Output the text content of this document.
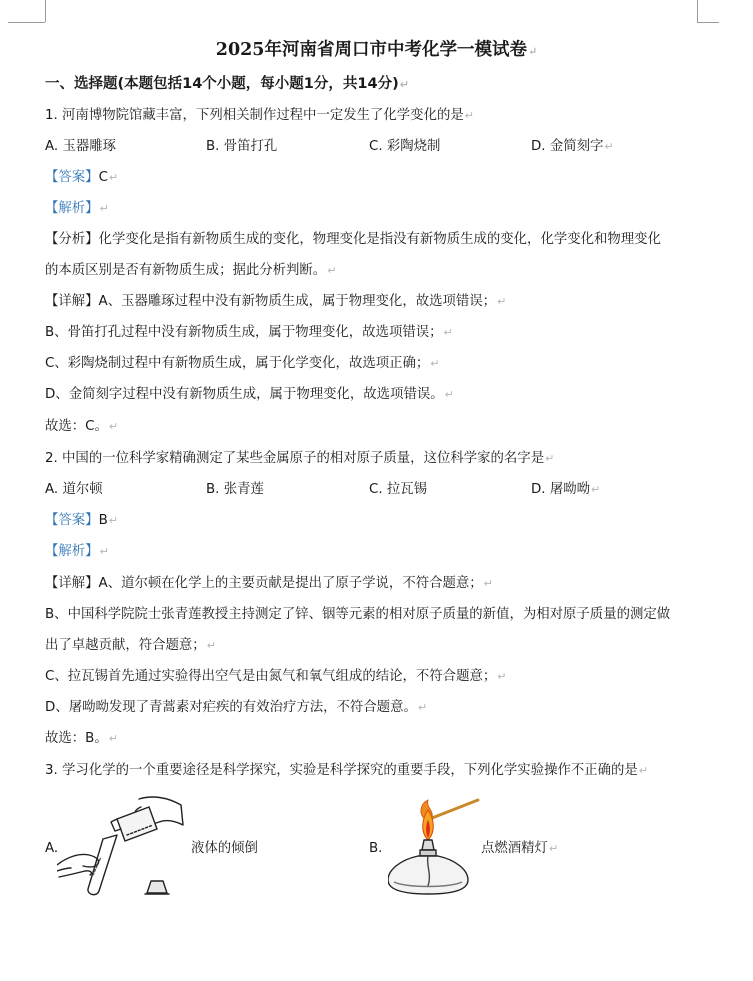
2025年河南省周口市中考化学一模试卷↵
一、选择题(本题包括14个小题，每小题1分，共14分)↵
1. 河南博物院馆藏丰富，下列相关制作过程中一定发生了化学变化的是↵
A. 玉器雕琢	B. 骨笛打孔	C. 彩陶烧制	D. 金简刻字↵
【答案】C↵
【解析】↵
【分析】化学变化是指有新物质生成的变化，物理变化是指没有新物质生成的变化，化学变化和物理变化
的本质区别是否有新物质生成；据此分析判断。↵
【详解】A、玉器雕琢过程中没有新物质生成，属于物理变化，故选项错误；↵
B、骨笛打孔过程中没有新物质生成，属于物理变化，故选项错误；↵
C、彩陶烧制过程中有新物质生成，属于化学变化，故选项正确；↵
D、金简刻字过程中没有新物质生成，属于物理变化，故选项错误。↵
故选：C。↵
2. 中国的一位科学家精确测定了某些金属原子的相对原子质量，这位科学家的名字是↵
A. 道尔顿	B. 张青莲	C. 拉瓦锡	D. 屠呦呦↵
【答案】B↵
【解析】↵
【详解】A、道尔顿在化学上的主要贡献是提出了原子学说，不符合题意；↵
B、中国科学院院士张青莲教授主持测定了锌、铟等元素的相对原子质量的新值，为相对原子质量的测定做
出了卓越贡献，符合题意；↵
C、拉瓦锡首先通过实验得出空气是由氮气和氧气组成的结论，不符合题意；↵
D、屠呦呦发现了青蒿素对疟疾的有效治疗方法，不符合题意。↵
故选：B。↵
3. 学习化学的一个重要途径是科学探究，实验是科学探究的重要手段，下列化学实验操作不正确的是↵
A.	液体的倾倒	B.	点燃酒精灯↵
